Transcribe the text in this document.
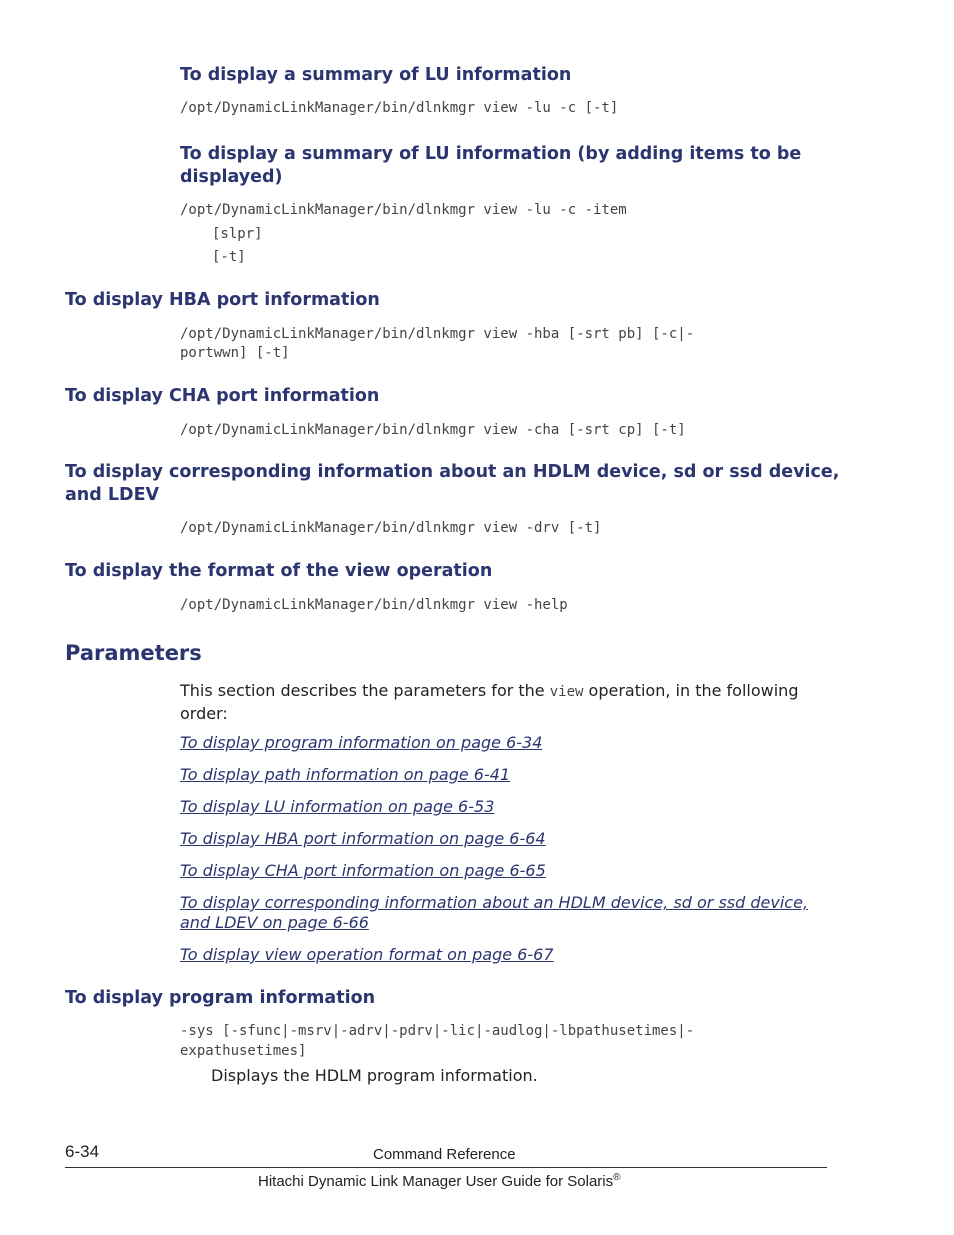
To display a summary of LU information
/opt/DynamicLinkManager/bin/dlnkmgr view -lu -c [-t]
To display a summary of LU information (by adding items to be
displayed)
/opt/DynamicLinkManager/bin/dlnkmgr view -lu -c -item
[slpr]
[-t]
To display HBA port information
/opt/DynamicLinkManager/bin/dlnkmgr view -hba [-srt pb] [-c|-
portwwn] [-t]
To display CHA port information
/opt/DynamicLinkManager/bin/dlnkmgr view -cha [-srt cp] [-t]
To display corresponding information about an HDLM device, sd or ssd device,
and LDEV
/opt/DynamicLinkManager/bin/dlnkmgr view -drv [-t]
To display the format of the view operation
/opt/DynamicLinkManager/bin/dlnkmgr view -help
Parameters

This section describes the parameters for the view operation, in the following
order:

To display program information on page 6-34
To display path information on page 6-41
To display LU information on page 6-53
To display HBA port information on page 6-64
To display CHA port information on page 6-65
To display corresponding information about an HDLM device, sd or ssd device,
and LDEV on page 6-66
To display view operation format on page 6-67
To display program information
-sys [-sfunc|-msrv|-adrv|-pdrv|-lic|-audlog|-lbpathusetimes|-
expathusetimes]

Displays the HDLM program information.

6-34	Command Reference
Hitachi Dynamic Link Manager User Guide for Solaris®
